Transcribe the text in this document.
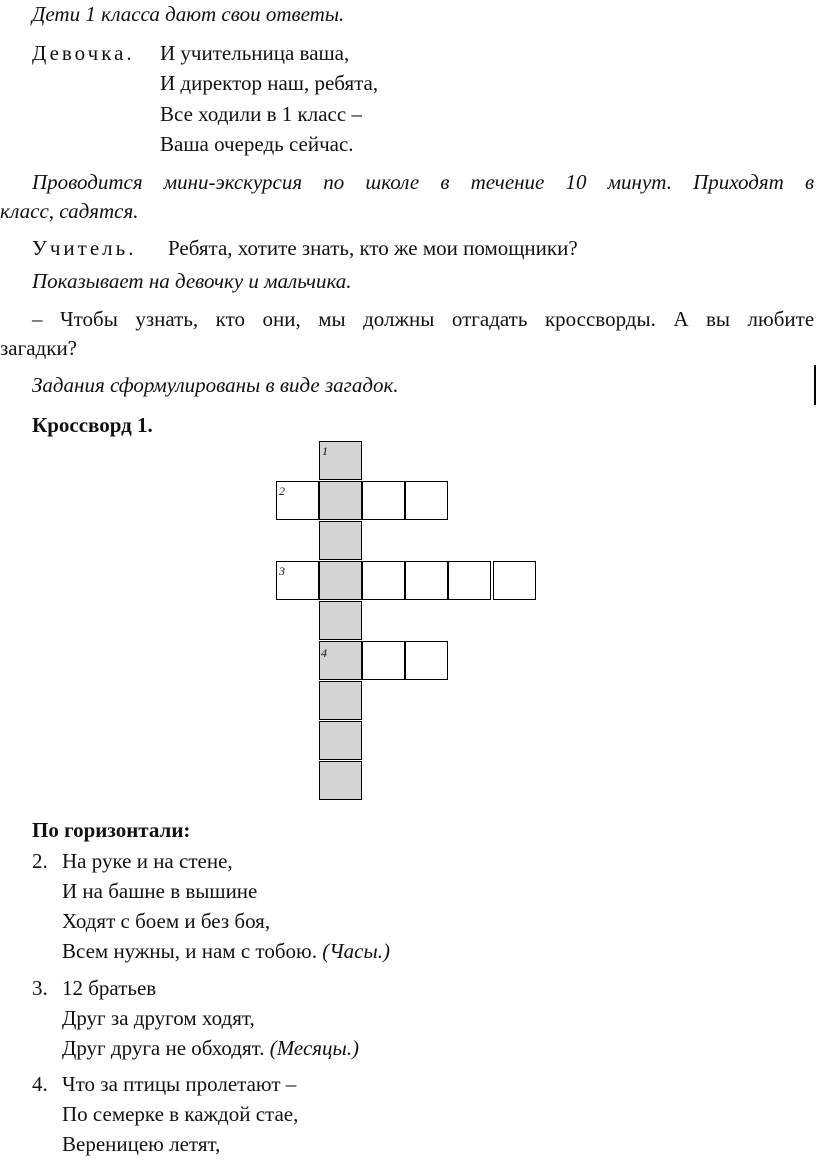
Дети 1 класса дают свои ответы.
Девочка. И учительница ваша,
И директор наш, ребята,
Все ходили в 1 класс –
Ваша очередь сейчас.
Проводится мини-экскурсия по школе в течение 10 минут. Приходят в
класс, садятся.
Учитель. Ребята, хотите знать, кто же мои помощники?
Показывает на девочку и мальчика.
– Чтобы узнать, кто они, мы должны отгадать кроссворды. А вы любите
загадки?
Задания сформулированы в виде загадок.
Кроссворд 1.
1
2
3
4
По горизонтали:
2. На руке и на стене,
И на башне в вышине
Ходят с боем и без боя,
Всем нужны, и нам с тобою. (Часы.)
3. 12 братьев
Друг за другом ходят,
Друг друга не обходят. (Месяцы.)
4. Что за птицы пролетают –
По семерке в каждой стае,
Вереницею летят,
